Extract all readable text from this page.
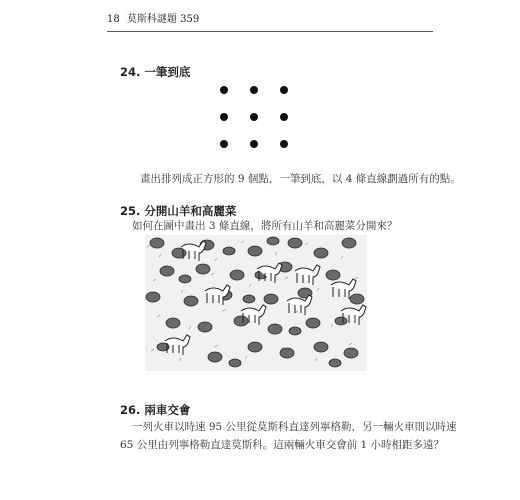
18 莫斯科謎題 359
24. 一筆到底
畫出排列成正方形的 9 個點，一筆到底，以 4 條直線劃過所有的點。
25. 分開山羊和高麗菜
如何在圖中畫出 3 條直線，將所有山羊和高麗菜分開來？
26. 兩車交會
一列火車以時速 95 公里從莫斯科直達列寧格勒，另一輛火車則以時速
65 公里由列寧格勒直達莫斯科。這兩輛火車交會前 1 小時相距多遠？
